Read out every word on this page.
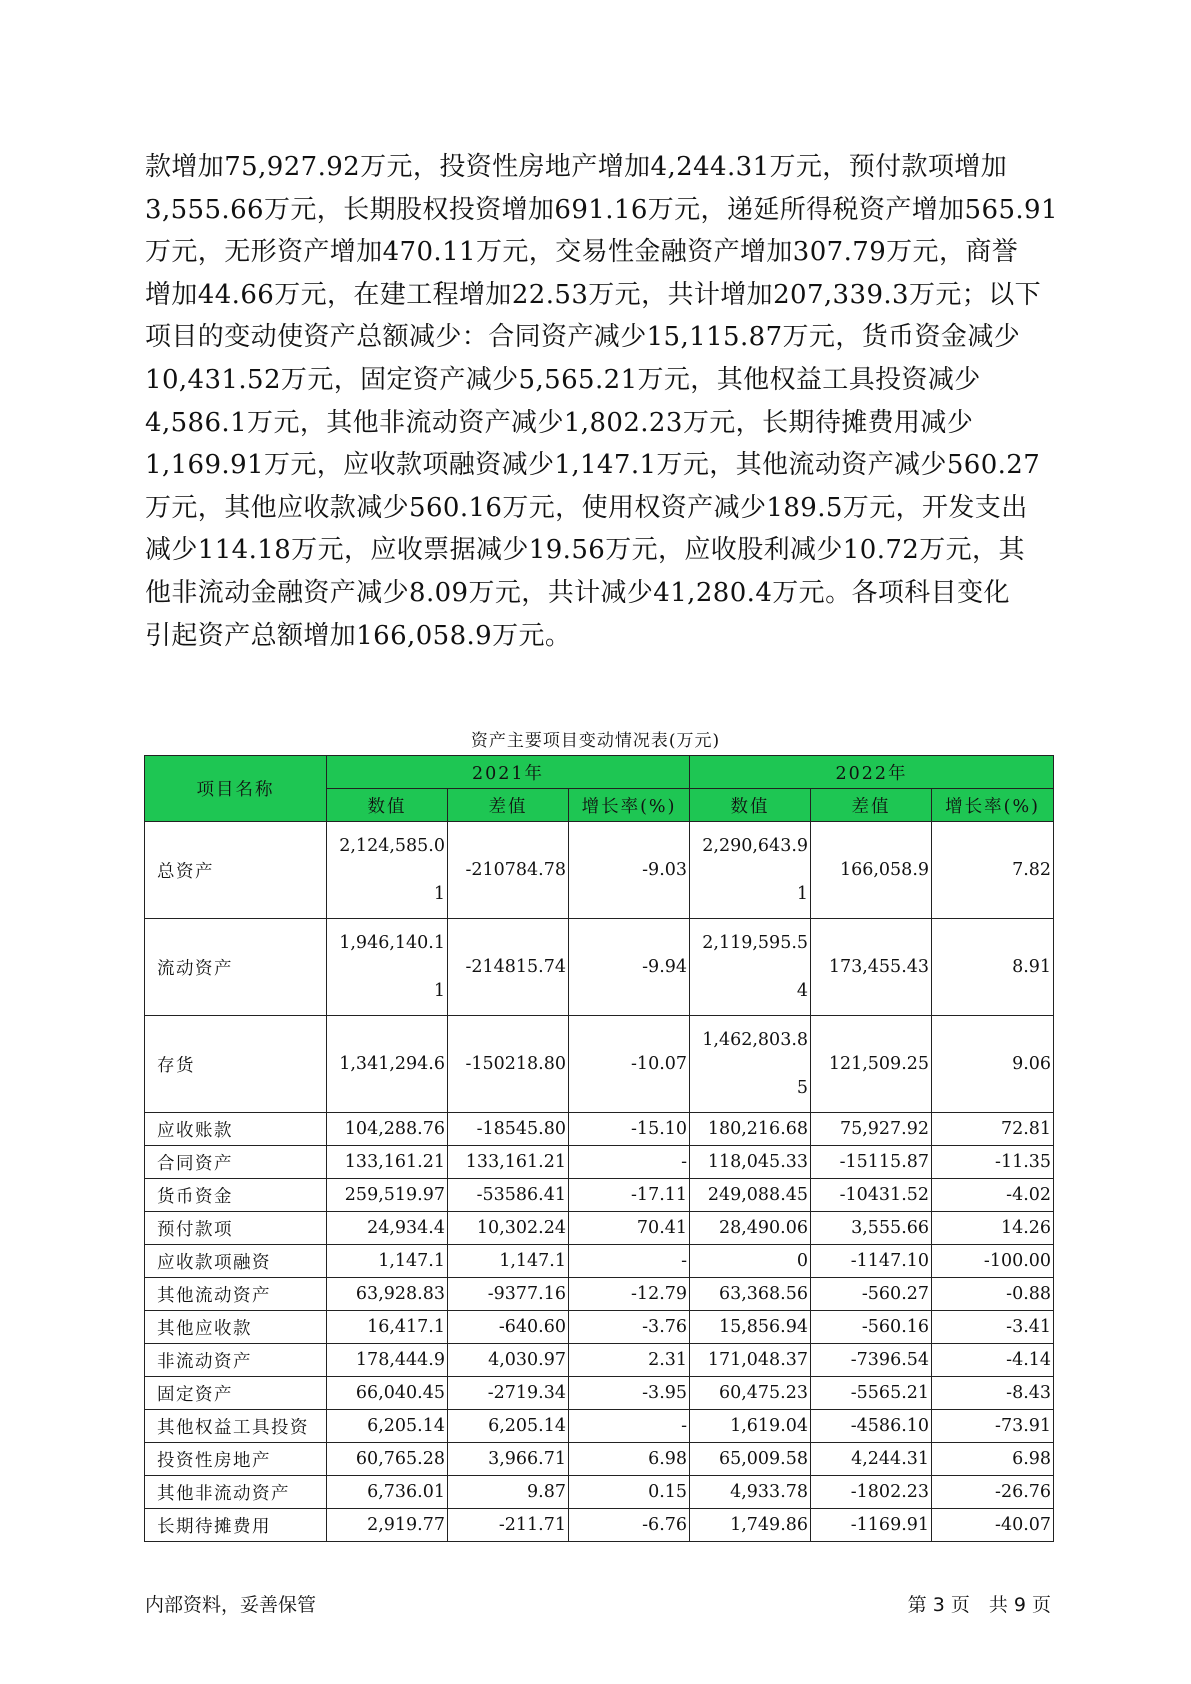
款增加75,927.92万元，投资性房地产增加4,244.31万元，预付款项增加

3,555.66万元，长期股权投资增加691.16万元，递延所得税资产增加565.91

万元，无形资产增加470.11万元，交易性金融资产增加307.79万元，商誉

增加44.66万元，在建工程增加22.53万元，共计增加207,339.3万元；以下

项目的变动使资产总额减少：合同资产减少15,115.87万元，货币资金减少

10,431.52万元，固定资产减少5,565.21万元，其他权益工具投资减少

4,586.1万元，其他非流动资产减少1,802.23万元，长期待摊费用减少

1,169.91万元，应收款项融资减少1,147.1万元，其他流动资产减少560.27

万元，其他应收款减少560.16万元，使用权资产减少189.5万元，开发支出

减少114.18万元，应收票据减少19.56万元，应收股利减少10.72万元，其

他非流动金融资产减少8.09万元，共计减少41,280.4万元。各项科目变化

引起资产总额增加166,058.9万元。

资产主要项目变动情况表(万元)
项目名称	2021年			2022年		
	数值	差值	增长率(%)	数值	差值	增长率(%)
总资产	2,124,585.01	-210784.78	-9.03	2,290,643.91	166,058.9	7.82
流动资产	1,946,140.11	-214815.74	-9.94	2,119,595.54	173,455.43	8.91
存货	1,341,294.6	-150218.80	-10.07	1,462,803.85	121,509.25	9.06
应收账款	104,288.76	-18545.80	-15.10	180,216.68	75,927.92	72.81
合同资产	133,161.21	133,161.21	-	118,045.33	-15115.87	-11.35
货币资金	259,519.97	-53586.41	-17.11	249,088.45	-10431.52	-4.02
预付款项	24,934.4	10,302.24	70.41	28,490.06	3,555.66	14.26
应收款项融资	1,147.1	1,147.1	-	0	-1147.10	-100.00
其他流动资产	63,928.83	-9377.16	-12.79	63,368.56	-560.27	-0.88
其他应收款	16,417.1	-640.60	-3.76	15,856.94	-560.16	-3.41
非流动资产	178,444.9	4,030.97	2.31	171,048.37	-7396.54	-4.14
固定资产	66,040.45	-2719.34	-3.95	60,475.23	-5565.21	-8.43
其他权益工具投资	6,205.14	6,205.14	-	1,619.04	-4586.10	-73.91
投资性房地产	60,765.28	3,966.71	6.98	65,009.58	4,244.31	6.98
其他非流动资产	6,736.01	9.87	0.15	4,933.78	-1802.23	-26.76
长期待摊费用	2,919.77	-211.71	-6.76	1,749.86	-1169.91	-40.07
内部资料，妥善保管	第 3 页　共 9 页
